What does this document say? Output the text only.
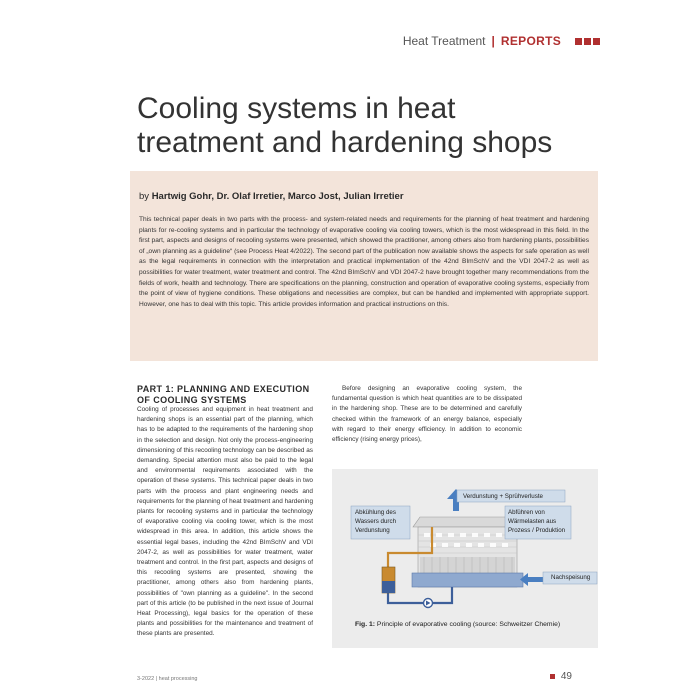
Heat Treatment | REPORTS
Cooling systems in heat treatment and hardening shops
by Hartwig Gohr, Dr. Olaf Irretier, Marco Jost, Julian Irretier
This technical paper deals in two parts with the process- and system-related needs and requirements for the planning of heat treatment and hardening plants for re-cooling systems and in particular the technology of evaporative cooling via cooling towers, which is the most widespread in this field. In the first part, aspects and designs of recooling systems were presented, which showed the practitioner, among others also from hardening plants, possibilities of „own planning as a guideline“ (see Process Heat 4/2022). The second part of the publication now available shows the aspects for safe operation as well as the legal requirements in connection with the interpretation and practical implementation of the 42nd BImSchV and the VDI 2047-2 as well as possibilities for water treatment, water treatment and control. The 42nd BImSchV and VDI 2047-2 have brought together many recommendations from the fields of work, health and technology. There are specifications on the planning, construction and operation of evaporative cooling systems, especially from the point of view of hygiene conditions. These obligations and necessities are complex, but can be handled and implemented with appropriate support. However, one has to deal with this topic. This article provides information and practical instructions on this.
PART 1: PLANNING AND EXECUTION OF COOLING SYSTEMS
Cooling of processes and equipment in heat treatment and hardening shops is an essential part of the planning, which has to be adapted to the requirements of the hardening shop in the selection and design. Not only the process-engineering dimensioning of this recooling technology can be described as demanding. Special attention must also be paid to the legal and environmental requirements associated with the operation of these systems. This technical paper deals in two parts with the process and plant engineering needs and requirements for the planning of heat treatment and hardening plants for recooling systems and in particular the technology of evaporative cooling via cooling tower, which is the most widespread in this area. In addition, this article shows the essential legal bases, including the 42nd BImSchV and VDI 2047-2, as well as possibilities for water treatment, water treatment and control. In the first part, aspects and designs of this recooling systems are presented, showing the practitioner, among others also from hardening plants, possibilities of "own planning as a guideline". In the second part of this article (to be published in the next issue of Journal Heat Processing), legal basics for the operation of these plants and possibilities for the maintenance and treatment of these plants are presented.
Before designing an evaporative cooling system, the fundamental question is which heat quantities are to be dissipated in the hardening shop. These are to be determined and carefully checked within the framework of an energy balance, especially with regard to their energy efficiency. In addition to economic efficiency (rising energy prices),
Verdunstung + Sprühverluste
Abkühlung des Wassers durch Verdunstung
Abführen von Wärmelasten aus Prozess / Produktion
Nachspeisung
Fig. 1: Principle of evaporative cooling (source: Schweitzer Chemie)
3-2022 | heat processing	49
